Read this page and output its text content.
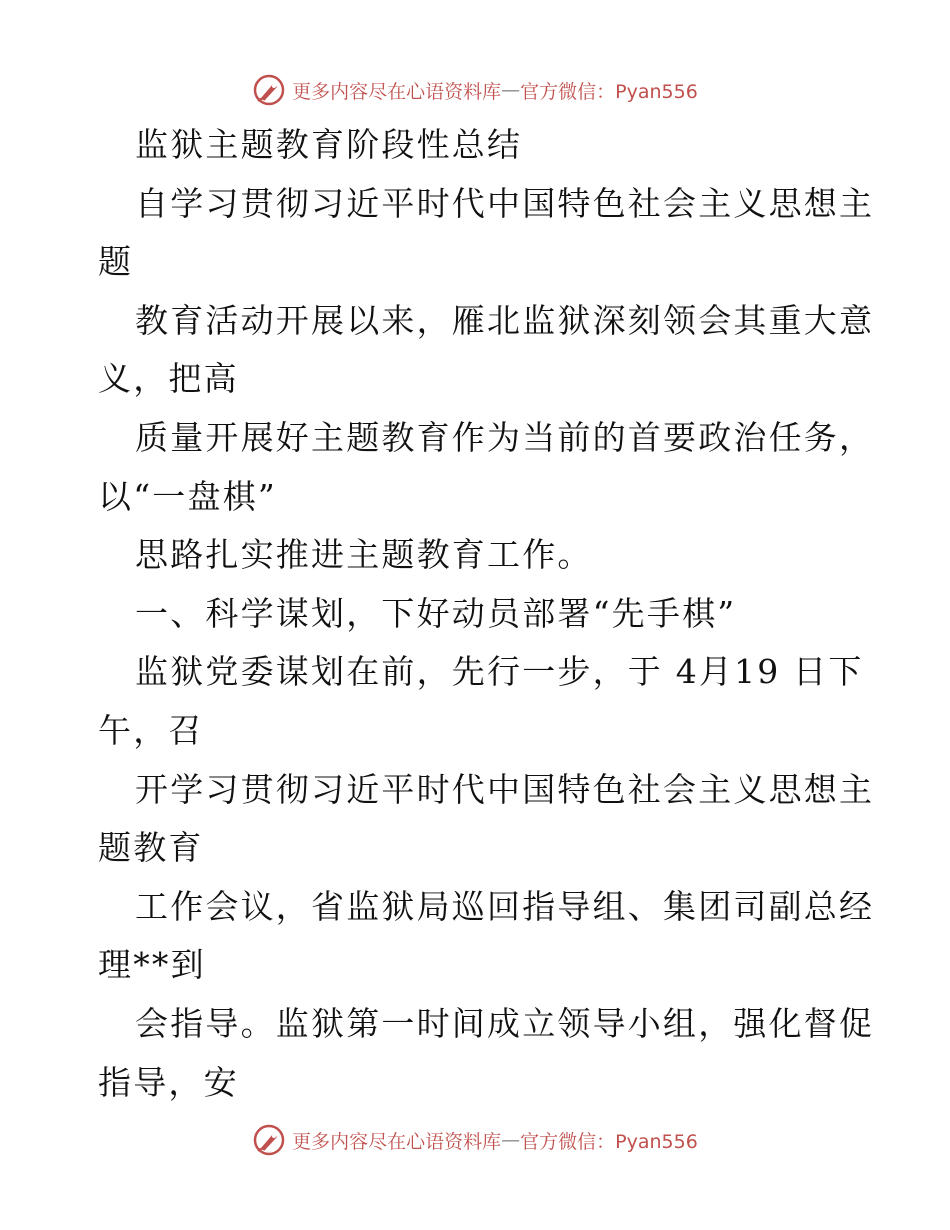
更多内容尽在心语资料库 — 官方微信：Pyan556
监狱主题教育阶段性总结
自学习贯彻习近平时代中国特色社会主义思想主
题
教育活动开展以来，雁北监狱深刻领会其重大意
义，把高
质量开展好主题教育作为当前的首要政治任务，
以“一盘棋”
思路扎实推进主题教育工作。
一、科学谋划，下好动员部署“先手棋”
监狱党委谋划在前，先行一步，于 4月19 日下
午，召
开学习贯彻习近平时代中国特色社会主义思想主
题教育
工作会议，省监狱局巡回指导组、集团司副总经
理**到
会指导。监狱第一时间成立领导小组，强化督促
指导，安
更多内容尽在心语资料库 — 官方微信：Pyan556
